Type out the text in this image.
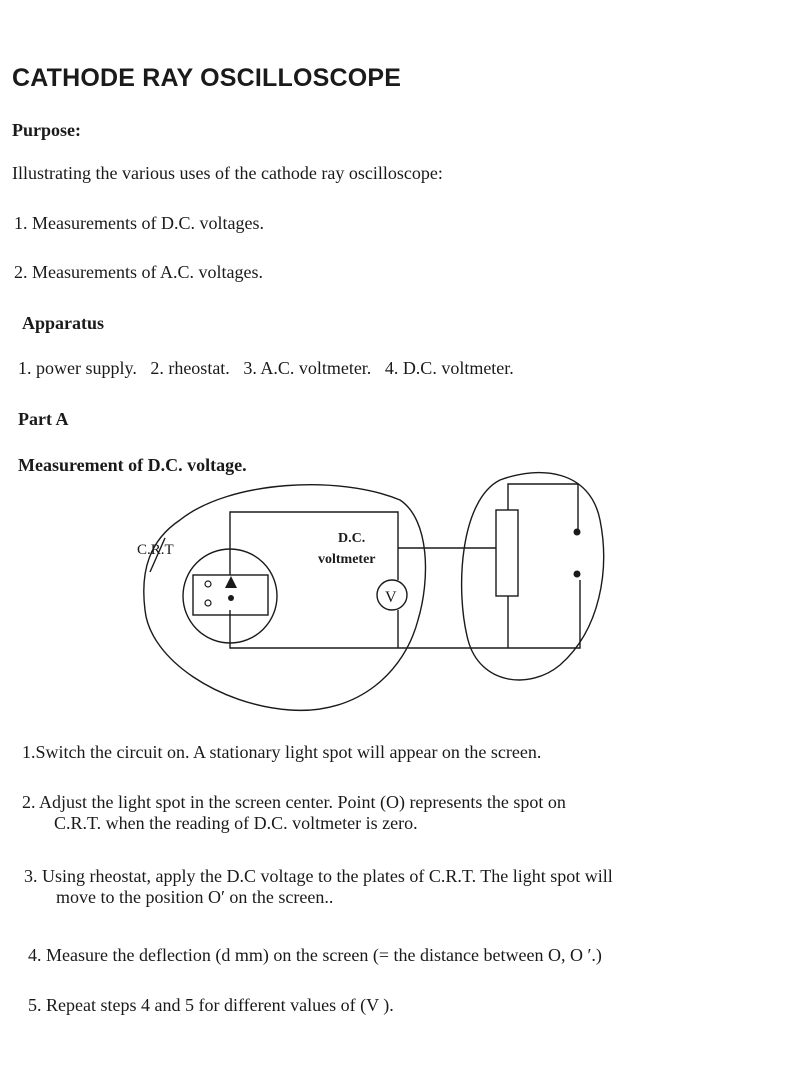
CATHODE RAY OSCILLOSCOPE
Purpose:
Illustrating the various uses of the cathode ray oscilloscope:
1. Measurements of D.C. voltages.
2. Measurements of A.C. voltages.
Apparatus
1. power supply. 2. rheostat. 3. A.C. voltmeter. 4. D.C. voltmeter.
Part A
Measurement of D.C. voltage.
C.R.T
D.C.
voltmeter
V
1.Switch the circuit on. A stationary light spot will appear on the screen.
2. Adjust the light spot in the screen center. Point (O) represents the spot on
C.R.T. when the reading of D.C. voltmeter is zero.
3. Using rheostat, apply the D.C voltage to the plates of C.R.T. The light spot will
move to the position O′ on the screen..
4. Measure the deflection (d mm) on the screen (= the distance between O, O ′.)
5. Repeat steps 4 and 5 for different values of (V ).
